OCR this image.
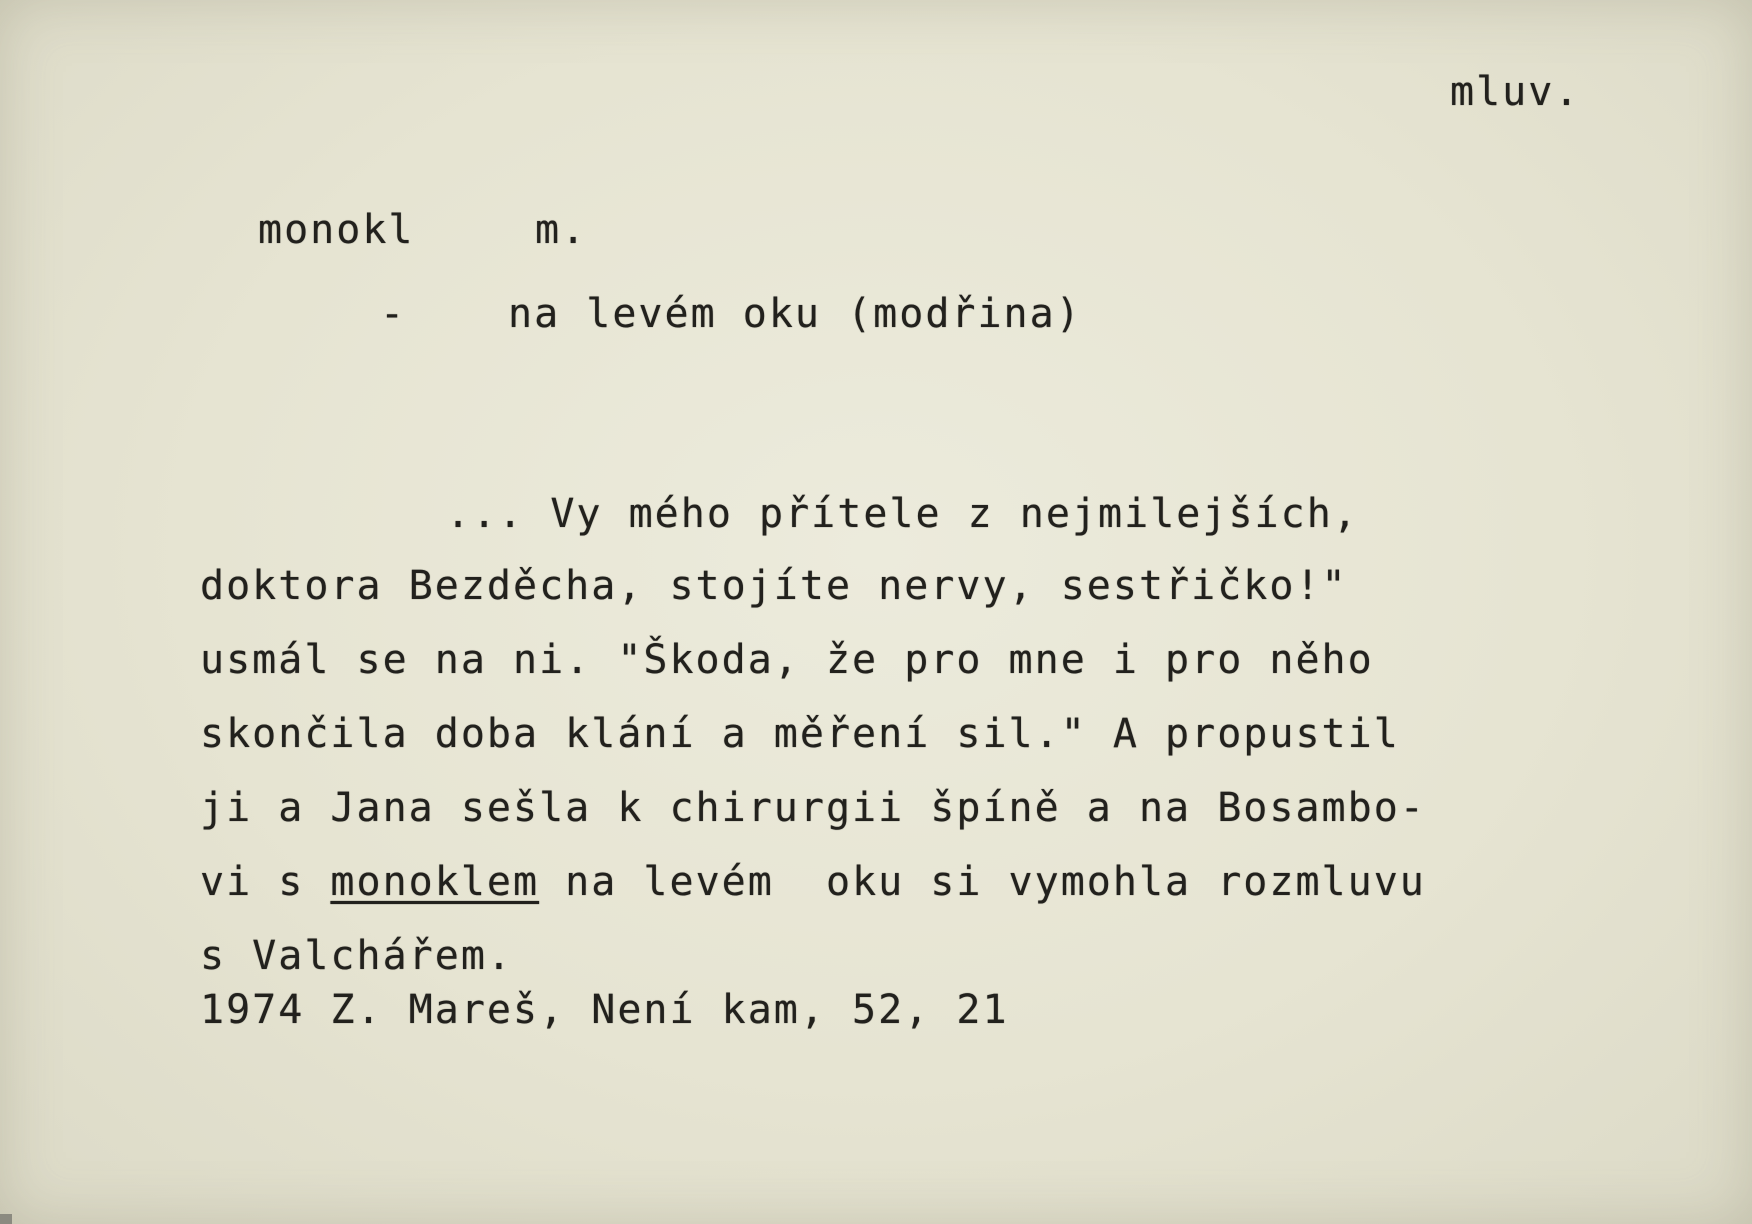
mluv.
monokl	m.
-	na levém oku (modřina)
... Vy mého přítele z nejmilejších,
doktora Bezděcha, stojíte nervy, sestřičko!"
usmál se na ni. "Škoda, že pro mne i pro něho
skončila doba klání a měření sil." A propustil
ji a Jana sešla k chirurgii špíně a na Bosambo-
vi s monoklem na levém  oku si vymohla rozmluvu
s Valchářem.
1974 Z. Mareš, Není kam, 52, 21
